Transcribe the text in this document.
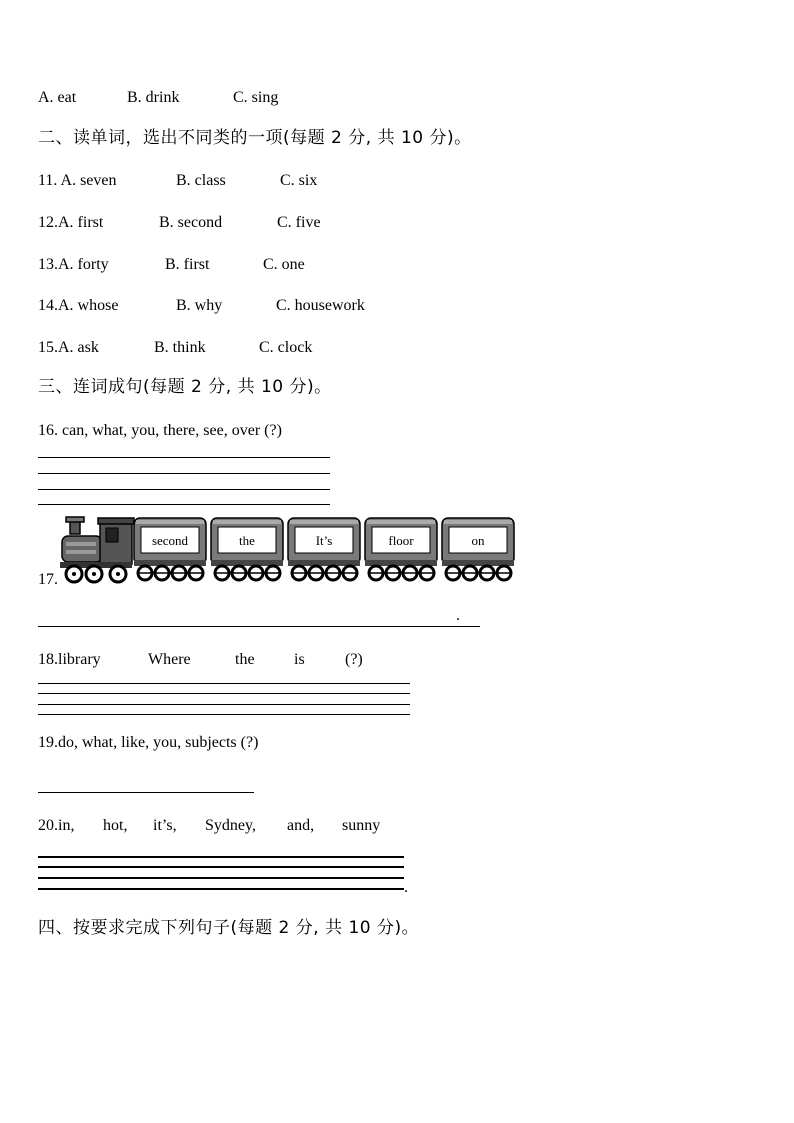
A. eat	B. drink	C. sing
二、读单词，选出不同类的一项(每题 2 分, 共 10 分)。
11. A. seven	B. class	C. six
12.A. first	B. second	C. five
13.A. forty	B. first	C. one
14.A. whose	B. why	C. housework
15.A. ask	B. think	C. clock
三、连词成句(每题 2 分, 共 10 分)。
16. can, what, you, there, see, over (?)
17.
second	the	It’s	floor	on
.
18.library	Where	the is	(?)
19.do, what, like, you, subjects (?)
20.in, hot, it’s, Sydney, and, sunny
.
四、按要求完成下列句子(每题 2 分, 共 10 分)。
